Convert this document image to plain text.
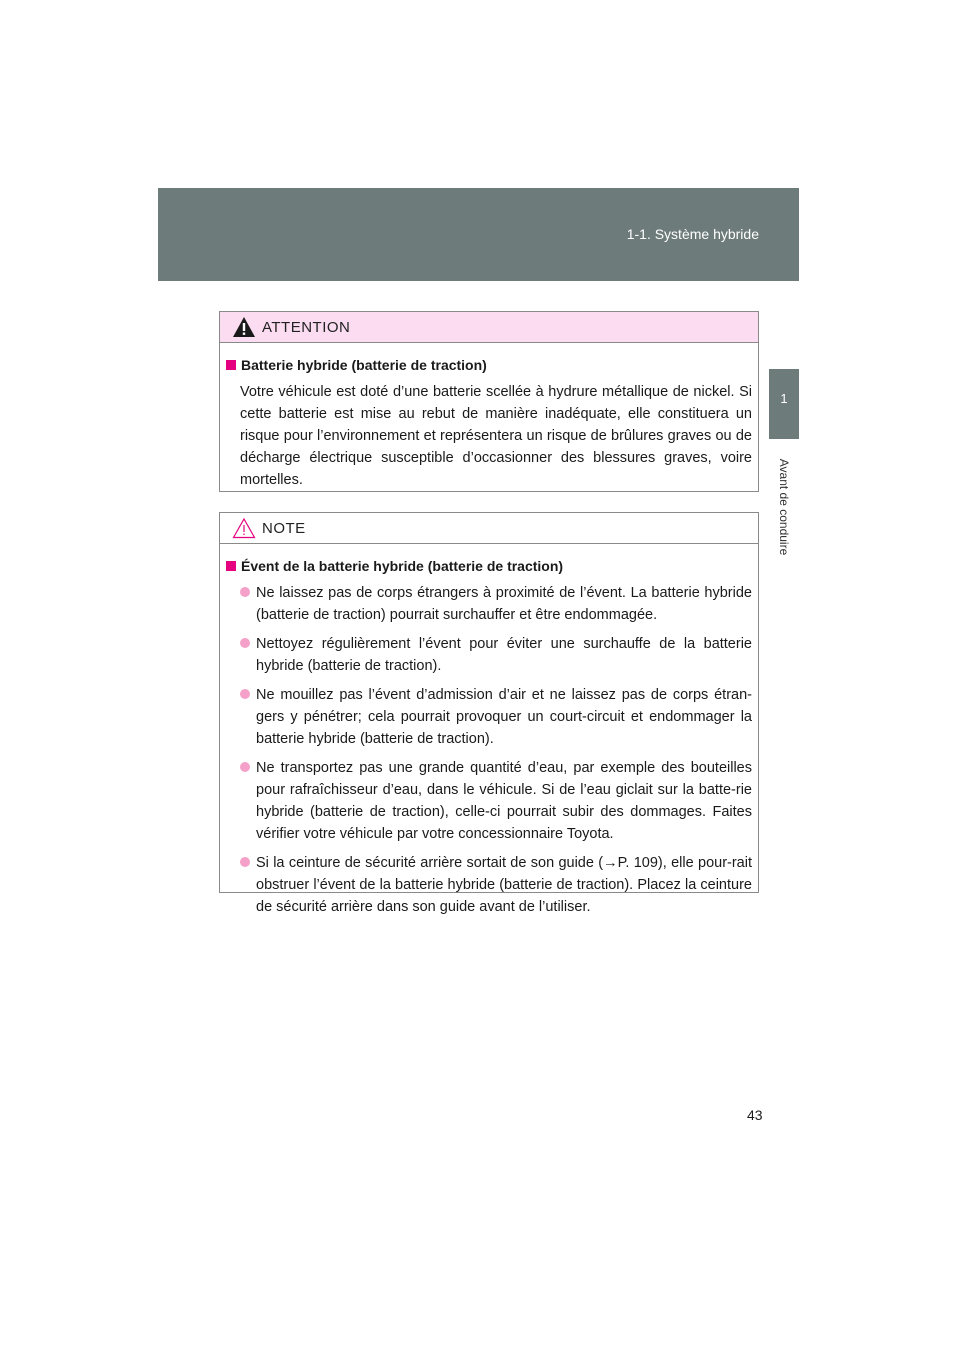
1-1. Système hybride
1
Avant de conduire
ATTENTION
Batterie hybride (batterie de traction)

Votre véhicule est doté d’une batterie scellée à hydrure métallique de nickel. Si cette batterie est mise au rebut de manière inadéquate, elle constituera un risque pour l’environnement et représentera un risque de brûlures graves ou de décharge électrique susceptible d’occasionner des blessures graves, voire mortelles.

NOTE
Évent de la batterie hybride (batterie de traction)
Ne laissez pas de corps étrangers à proximité de l’évent. La batterie hybride (batterie de traction) pourrait surchauffer et être endommagée.
Nettoyez régulièrement l’évent pour éviter une surchauffe de la batterie hybride (batterie de traction).
Ne mouillez pas l’évent d’admission d’air et ne laissez pas de corps étran-gers y pénétrer; cela pourrait provoquer un court-circuit et endommager la batterie hybride (batterie de traction).
Ne transportez pas une grande quantité d’eau, par exemple des bouteilles pour rafraîchisseur d’eau, dans le véhicule. Si de l’eau giclait sur la batte-rie hybride (batterie de traction), celle-ci pourrait subir des dommages. Faites vérifier votre véhicule par votre concessionnaire Toyota.
Si la ceinture de sécurité arrière sortait de son guide (→P. 109), elle pour-rait obstruer l’évent de la batterie hybride (batterie de traction). Placez la ceinture de sécurité arrière dans son guide avant de l’utiliser.
43
